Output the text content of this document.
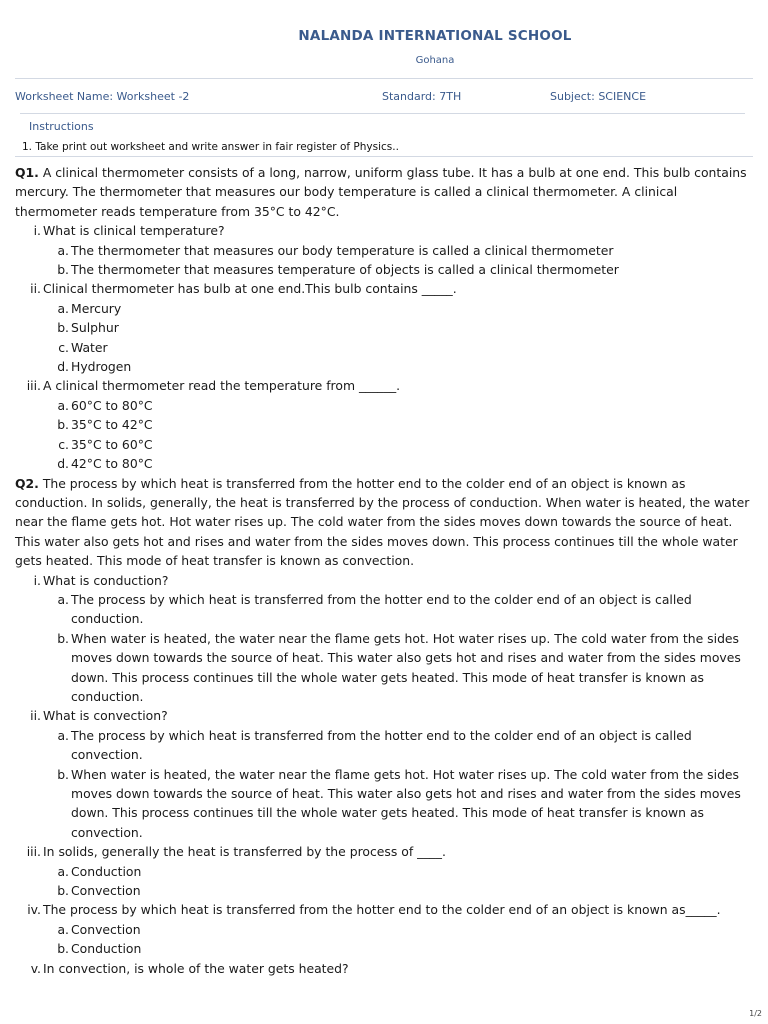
NALANDA INTERNATIONAL SCHOOL
Gohana
Worksheet Name: Worksheet -2	Standard: 7TH	Subject: SCIENCE
Instructions
1. Take print out worksheet and write answer in fair register of Physics..
Q1. A clinical thermometer consists of a long, narrow, uniform glass tube. It has a bulb at one end. This bulb contains mercury. The thermometer that measures our body temperature is called a clinical thermometer. A clinical thermometer reads temperature from 35°C to 42°C.
i. What is clinical temperature?
a. The thermometer that measures our body temperature is called a clinical thermometer
b. The thermometer that measures temperature of objects is called a clinical thermometer
ii. Clinical thermometer has bulb at one end.This bulb contains _____.
a. Mercury
b. Sulphur
c. Water
d. Hydrogen
iii. A clinical thermometer read the temperature from ______.
a. 60°C to 80°C
b. 35°C to 42°C
c. 35°C to 60°C
d. 42°C to 80°C
Q2. The process by which heat is transferred from the hotter end to the colder end of an object is known as conduction. In solids, generally, the heat is transferred by the process of conduction. When water is heated, the water near the flame gets hot. Hot water rises up. The cold water from the sides moves down towards the source of heat. This water also gets hot and rises and water from the sides moves down. This process continues till the whole water gets heated. This mode of heat transfer is known as convection.
i. What is conduction?
a. The process by which heat is transferred from the hotter end to the colder end of an object is called conduction.
b. When water is heated, the water near the flame gets hot. Hot water rises up. The cold water from the sides moves down towards the source of heat. This water also gets hot and rises and water from the sides moves down. This process continues till the whole water gets heated. This mode of heat transfer is known as conduction.
ii. What is convection?
a. The process by which heat is transferred from the hotter end to the colder end of an object is called convection.
b. When water is heated, the water near the flame gets hot. Hot water rises up. The cold water from the sides moves down towards the source of heat. This water also gets hot and rises and water from the sides moves down. This process continues till the whole water gets heated. This mode of heat transfer is known as convection.
iii. In solids, generally the heat is transferred by the process of ____.
a. Conduction
b. Convection
iv. The process by which heat is transferred from the hotter end to the colder end of an object is known as_____.
a. Convection
b. Conduction
v. In convection, is whole of the water gets heated?
1/2
